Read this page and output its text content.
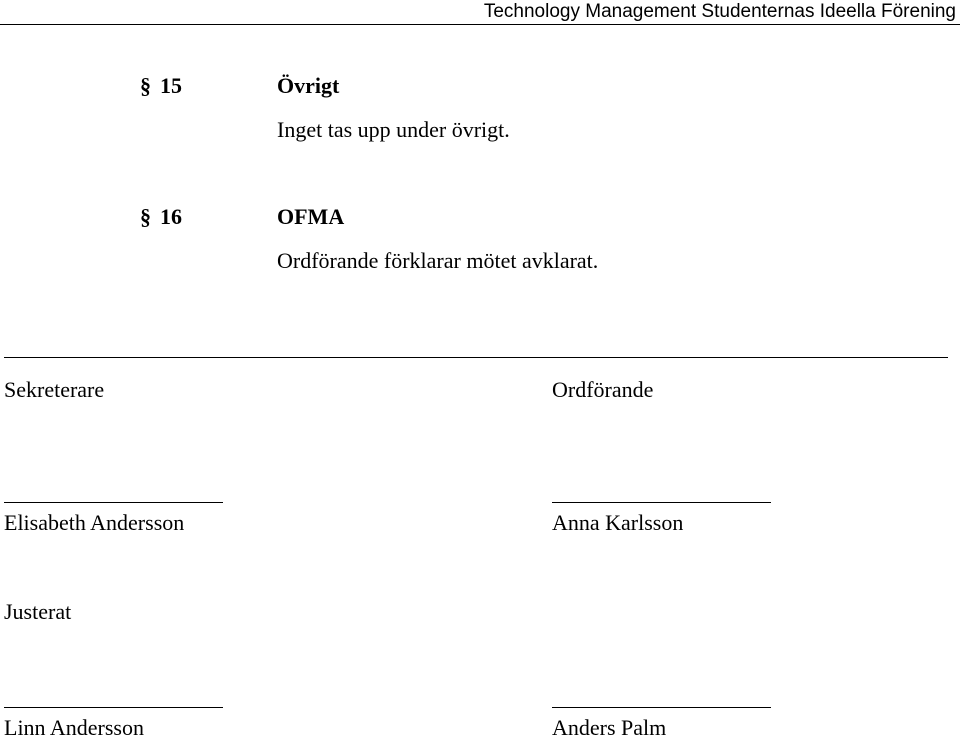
Technology Management Studenternas Ideella Förening
§ 15	Övrigt
Inget tas upp under övrigt.
§ 16	OFMA
Ordförande förklarar mötet avklarat.
Sekreterare	Ordförande
Elisabeth Andersson	Anna Karlsson
Justerat
Linn Andersson	Anders Palm
